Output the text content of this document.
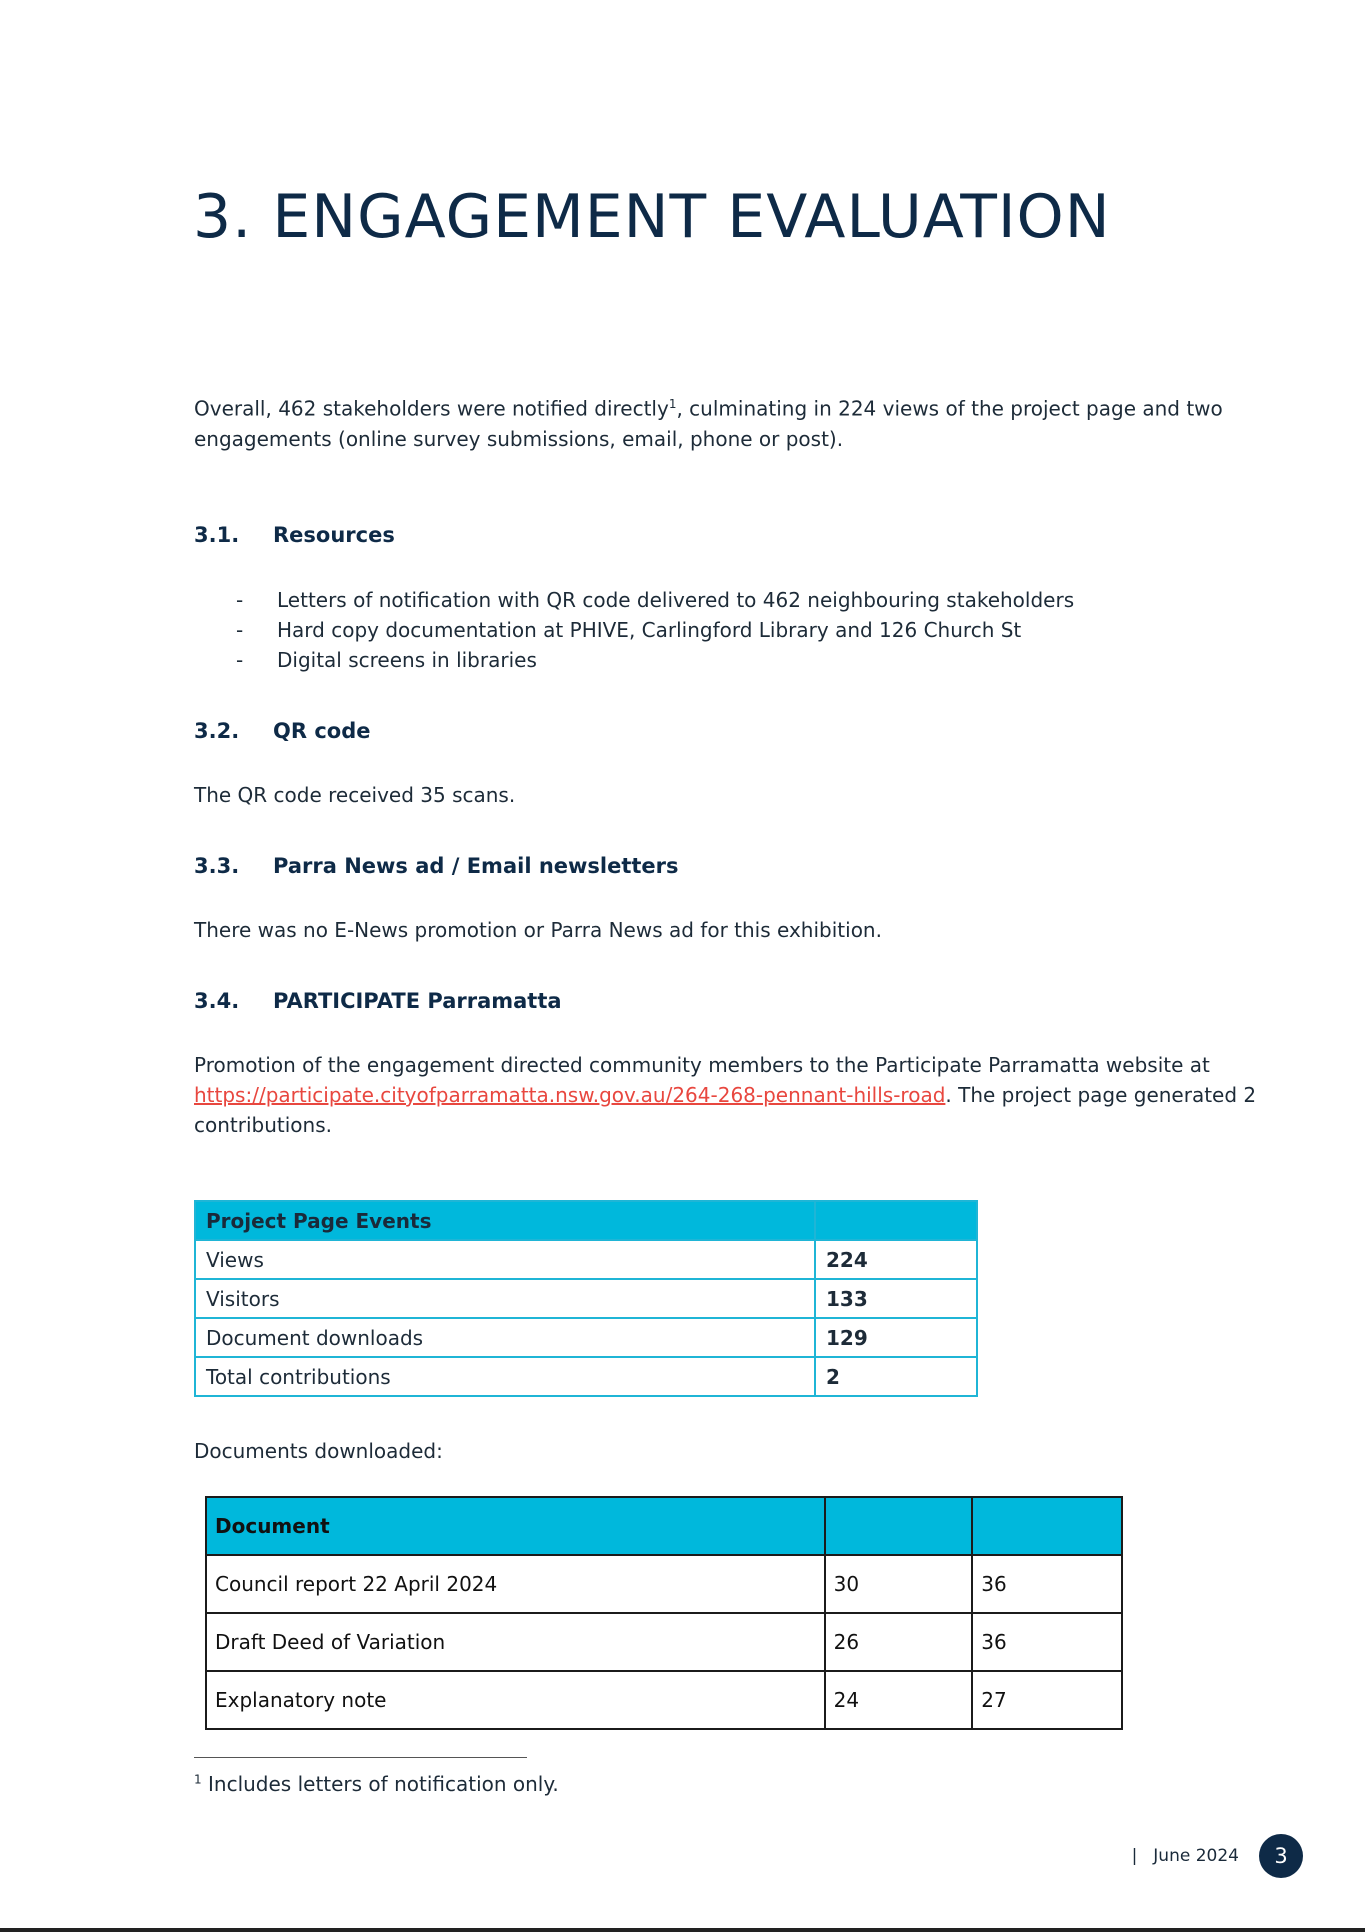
3. ENGAGEMENT EVALUATION

Overall, 462 stakeholders were notified directly$^1$, culminating in 224 views of the project page and two engagements (online survey submissions, email, phone or post).

3.1. Resources
- Letters of notification with QR code delivered to 462 neighbouring stakeholders
- Hard copy documentation at PHIVE, Carlingford Library and 126 Church St
- Digital screens in libraries
3.2. QR code

The QR code received 35 scans.

3.3. Parra News ad / Email newsletters

There was no E-News promotion or Parra News ad for this exhibition.

3.4. PARTICIPATE Parramatta

Promotion of the engagement directed community members to the Participate Parramatta website at https://participate.cityofparramatta.nsw.gov.au/264-268-pennant-hills-road. The project page generated 2 contributions.

Project Page Events	
Views	224
Visitors	133
Document downloads	129
Total contributions	2

Documents downloaded:

Document		
Council report 22 April 2024	30	36
Draft Deed of Variation	26	36
Explanatory note	24	27

$^1$ Includes letters of notification only.

| June 2024	3
